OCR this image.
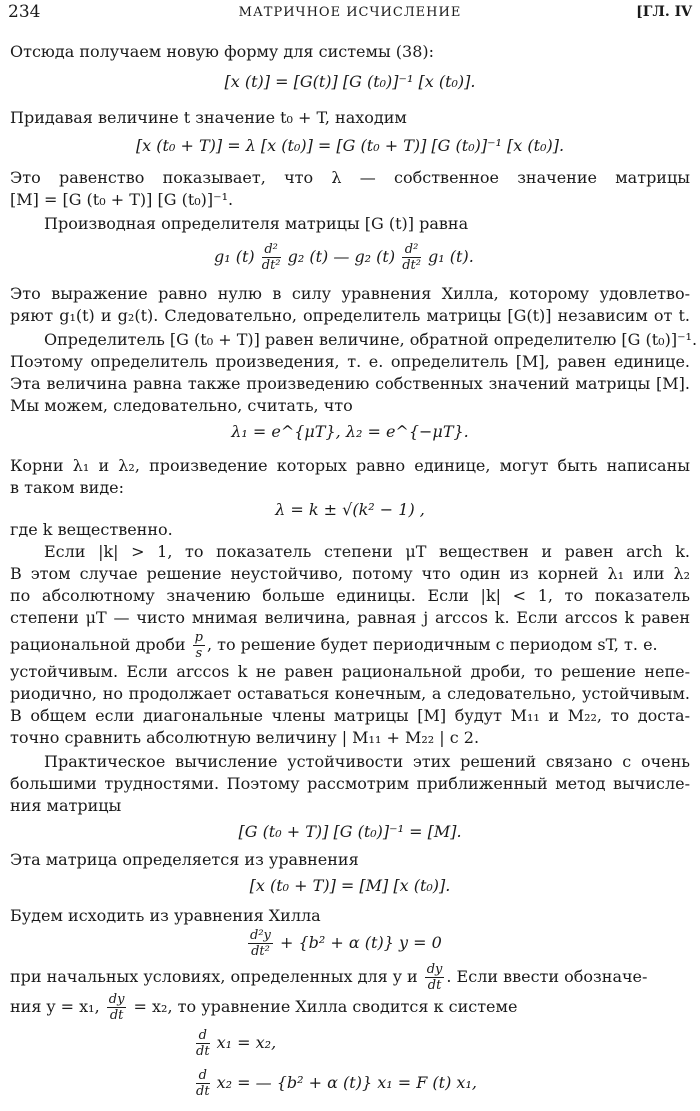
234	МАТРИЧНОЕ ИСЧИСЛЕНИЕ	[ГЛ. IV
Отсюда получаем новую форму для системы (38):
[x (t)] = [G(t)] [G (t₀)]⁻¹ [x (t₀)].
Придавая величине t значение t₀ + T, находим
[x (t₀ + T)] = λ [x (t₀)] = [G (t₀ + T)] [G (t₀)]⁻¹ [x (t₀)].
Это равенство показывает, что λ — собственное значение матрицы
[M] = [G (t₀ + T)] [G (t₀)]⁻¹.
Производная определителя матрицы [G (t)] равна
g₁ $(t) \frac{\text{d²}}{\text{dt²}} g_2$ (t) — g₂ $(t) \frac{\text{d²}}{\text{dt²}} g_1$ (t).
Это выражение равно нулю в силу уравнения Хилла, которому удовлетво-
ряют g₁(t) и g₂(t). Следовательно, определитель матрицы [G(t)] независим от t.
Определитель [G (t₀ + T)] равен величине, обратной определителю [G (t₀)]⁻¹.
Поэтому определитель произведения, т. е. определитель [M], равен единице.
Эта величина равна также произведению собственных значений матрицы [M].
Мы можем, следовательно, считать, что
λ₁ = e^{μT}, λ₂ = e^{−μT}.
Корни λ₁ и λ₂, произведение которых равно единице, могут быть написаны
в таком виде:
λ = k ± √(k² − 1) ,
где k вещественно.
Если |k| > 1, то показатель степени μT веществен и равен arch k.
В этом случае решение неустойчиво, потому что один из корней λ₁ или λ₂
по абсолютному значению больше единицы. Если |k| < 1, то показатель
степени μT — чисто мнимая величина, равная j arccos k. Если arccos k равен
рациональной дроби $\frac{p}{s}$ , то решение будет периодичным с периодом sT, т. е.
устойчивым. Если arccos k не равен рациональной дроби, то решение непе-
риодично, но продолжает оставаться конечным, а следовательно, устойчивым.
В общем если диагональные члены матрицы [M] будут M₁₁ и M₂₂, то доста-
точно сравнить абсолютную величину | M₁₁ + M₂₂ | с 2.
Практическое вычисление устойчивости этих решений связано с очень
большими трудностями. Поэтому рассмотрим приближенный метод вычисле-
ния матрицы
[G (t₀ + T)] [G (t₀)]⁻¹ = [M].
Эта матрица определяется из уравнения
[x (t₀ + T)] = [M] [x (t₀)].
Будем исходить из уравнения Хилла
$\frac{\text{d²y}}{\text{dt²}} + \{b^2 + \alpha$ (t)} y = 0
при начальных условиях, определенных для y и $\frac{dy}{dt}$ . Если ввести обозначе-
ния y = x₁, $\frac{dy}{dt} = x_2$, то уравнение Хилла сводится к системе
$\frac{d}{dt} x_1 = x_2$,
$\frac{d}{dt} x_2$ = — {b² + α (t)} x₁ = F (t) x₁,
